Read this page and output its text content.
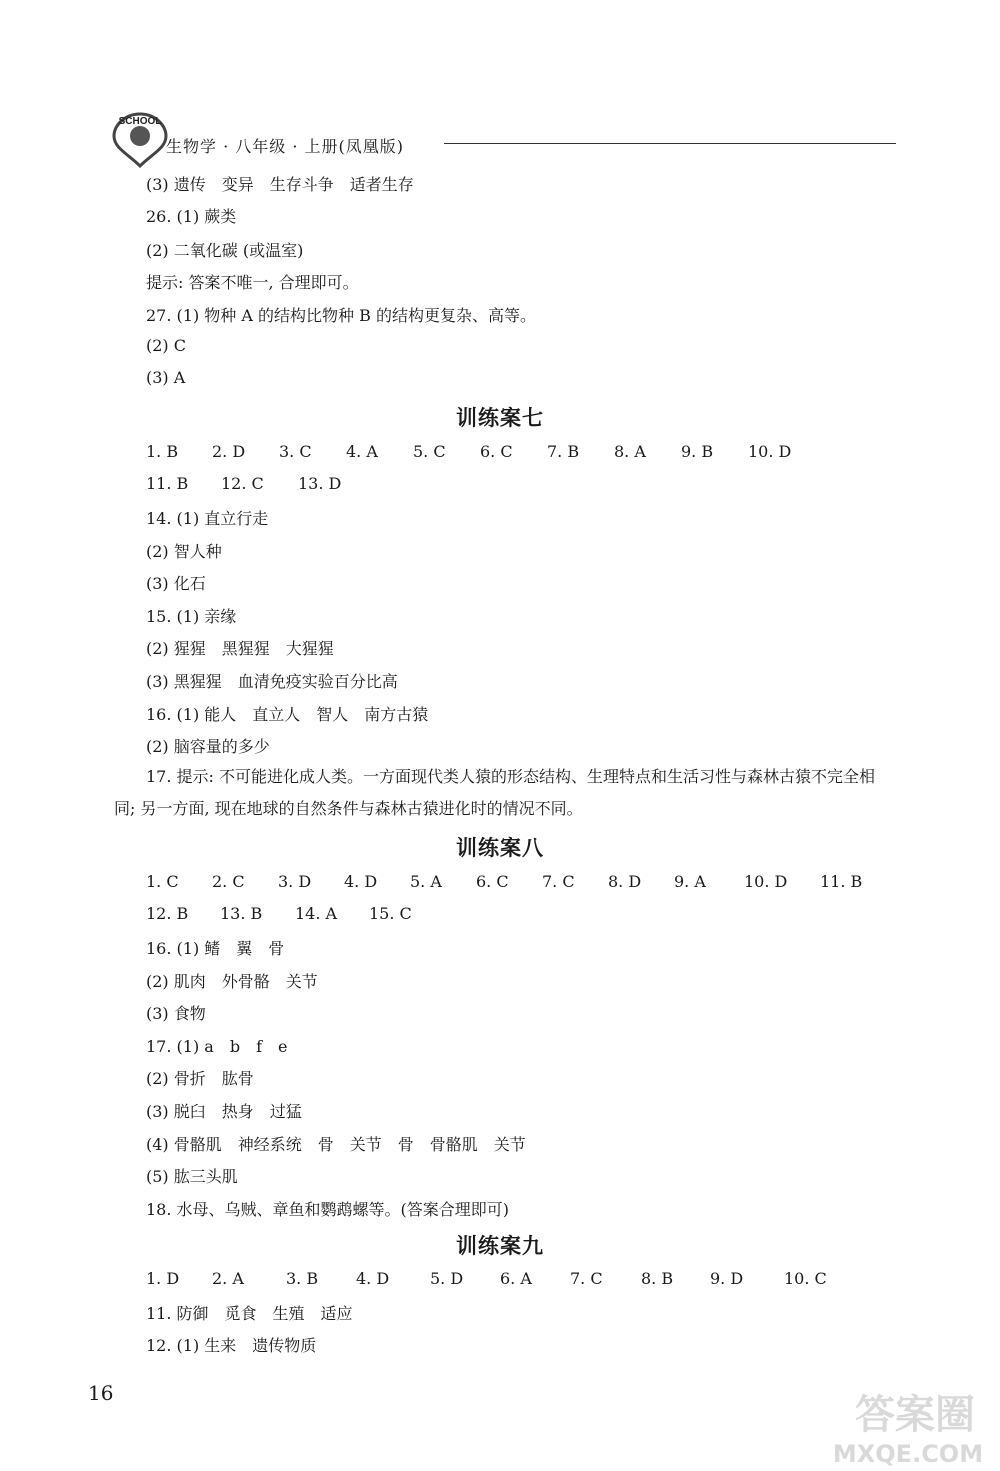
SCHOOL
生物学 · 八年级 · 上册(凤凰版)
(3) 遗传　变异　生存斗争　适者生存
26. (1) 蕨类
(2) 二氧化碳 (或温室)
提示: 答案不唯一, 合理即可。
27. (1) 物种 A 的结构比物种 B 的结构更复杂、高等。
(2) C
(3) A
训练案七
1. B 2. D 3. C 4. A 5. C 6. C 7. B 8. A 9. B 10. D
11. B 12. C 13. D
14. (1) 直立行走
(2) 智人种
(3) 化石
15. (1) 亲缘
(2) 猩猩　黑猩猩　大猩猩
(3) 黑猩猩　血清免疫实验百分比高
16. (1) 能人　直立人　智人　南方古猿
(2) 脑容量的多少
17. 提示: 不可能进化成人类。一方面现代类人猿的形态结构、生理特点和生活习性与森林古猿不完全相同; 另一方面, 现在地球的自然条件与森林古猿进化时的情况不同。
训练案八
1. C 2. C 3. D 4. D 5. A 6. C 7. C 8. D 9. A 10. D 11. B
12. B 13. B 14. A 15. C
16. (1) 鳍　翼　骨
(2) 肌肉　外骨骼　关节
(3) 食物
17. (1) a　b　f　e
(2) 骨折　肱骨
(3) 脱臼　热身　过猛
(4) 骨骼肌　神经系统　骨　关节　骨　骨骼肌　关节
(5) 肱三头肌
18. 水母、乌贼、章鱼和鹦鹉螺等。(答案合理即可)
训练案九
1. D 2. A	3. B 4. D	5. D 6. A 7. C 8. B 9. D	10. C
11. 防御　觅食　生殖　适应
12. (1) 生来　遗传物质
16	答案圈
MXQE.COM
